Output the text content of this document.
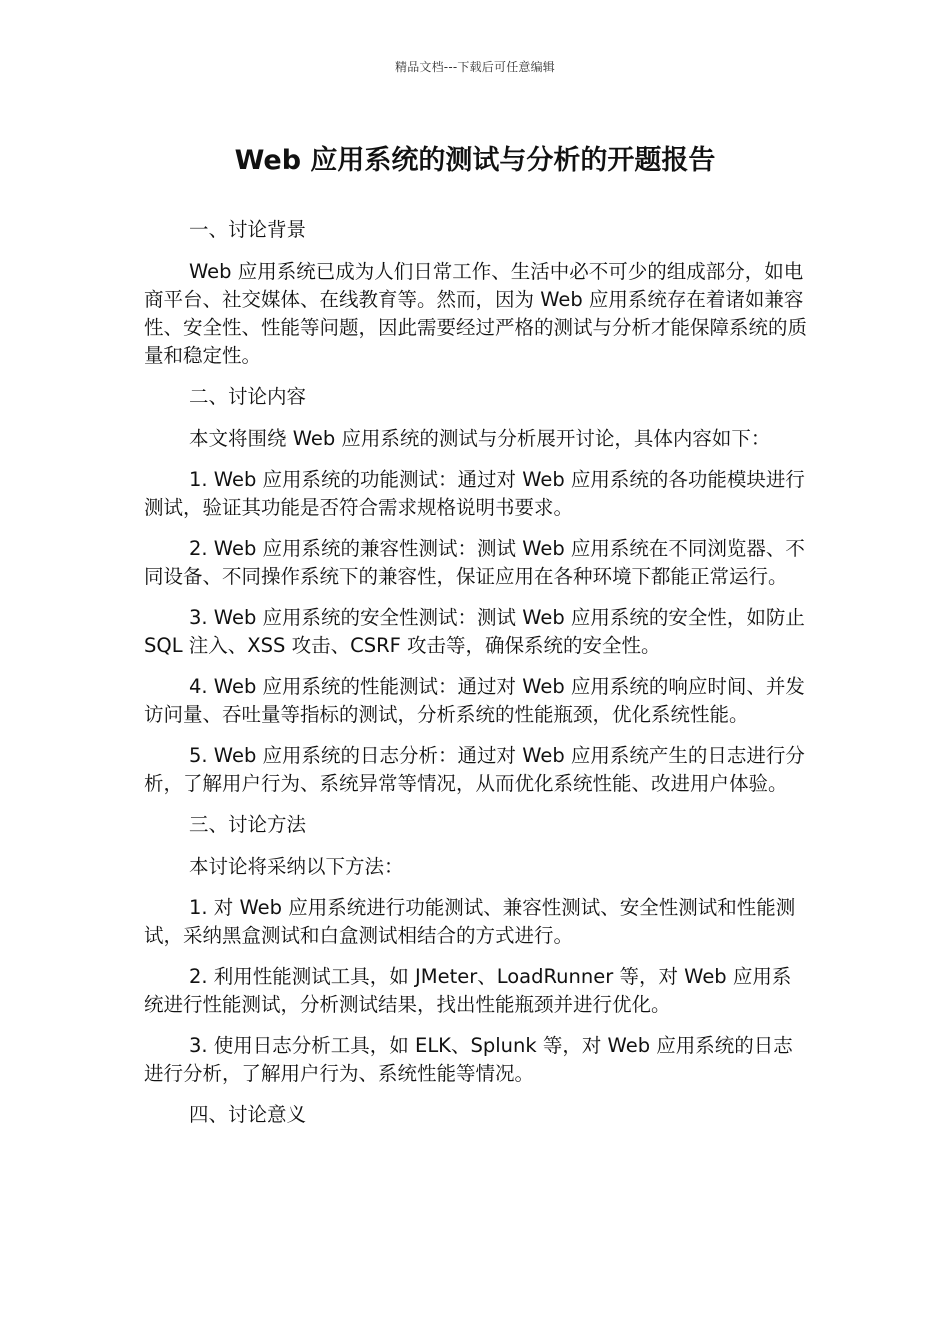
精品文档---下载后可任意编辑
Web 应用系统的测试与分析的开题报告

一、讨论背景

Web 应用系统已成为人们日常工作、生活中必不可少的组成部分，如电商平台、社交媒体、在线教育等。然而，因为 Web 应用系统存在着诸如兼容性、安全性、性能等问题，因此需要经过严格的测试与分析才能保障系统的质量和稳定性。

二、讨论内容

本文将围绕 Web 应用系统的测试与分析展开讨论，具体内容如下：

1. Web 应用系统的功能测试：通过对 Web 应用系统的各功能模块进行测试，验证其功能是否符合需求规格说明书要求。

2. Web 应用系统的兼容性测试：测试 Web 应用系统在不同浏览器、不同设备、不同操作系统下的兼容性，保证应用在各种环境下都能正常运行。

3. Web 应用系统的安全性测试：测试 Web 应用系统的安全性，如防止 SQL 注入、XSS 攻击、CSRF 攻击等，确保系统的安全性。

4. Web 应用系统的性能测试：通过对 Web 应用系统的响应时间、并发访问量、吞吐量等指标的测试，分析系统的性能瓶颈，优化系统性能。

5. Web 应用系统的日志分析：通过对 Web 应用系统产生的日志进行分析，了解用户行为、系统异常等情况，从而优化系统性能、改进用户体验。

三、讨论方法

本讨论将采纳以下方法：

1. 对 Web 应用系统进行功能测试、兼容性测试、安全性测试和性能测试，采纳黑盒测试和白盒测试相结合的方式进行。

2. 利用性能测试工具，如 JMeter、LoadRunner 等，对 Web 应用系统进行性能测试，分析测试结果，找出性能瓶颈并进行优化。

3. 使用日志分析工具，如 ELK、Splunk 等，对 Web 应用系统的日志进行分析，了解用户行为、系统性能等情况。

四、讨论意义
